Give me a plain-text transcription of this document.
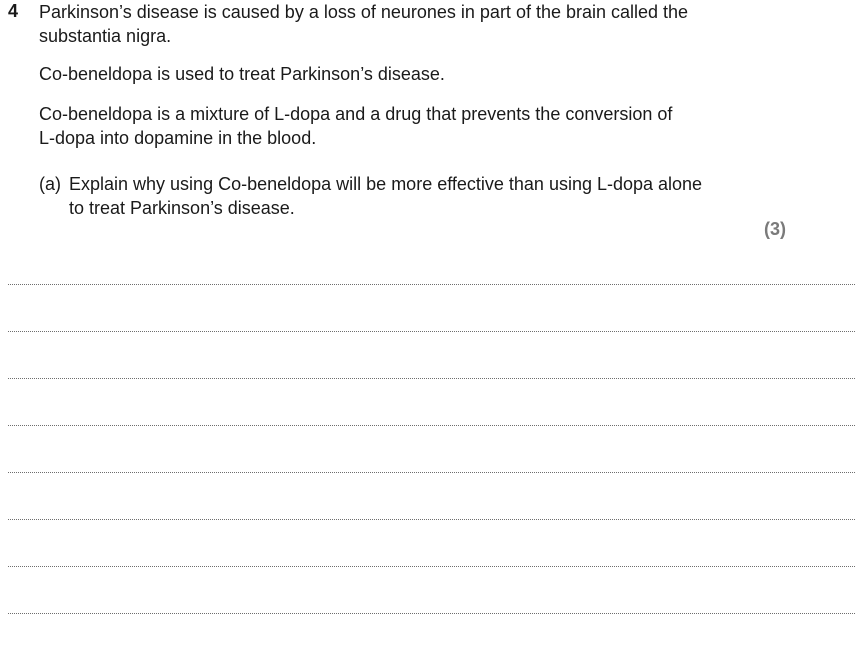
4 Parkinson’s disease is caused by a loss of neurones in part of the brain called the
substantia nigra.
Co-beneldopa is used to treat Parkinson’s disease.
Co-beneldopa is a mixture of L-dopa and a drug that prevents the conversion of
L-dopa into dopamine in the blood.
(a) Explain why using Co-beneldopa will be more effective than using L-dopa alone
to treat Parkinson’s disease.
(3)
